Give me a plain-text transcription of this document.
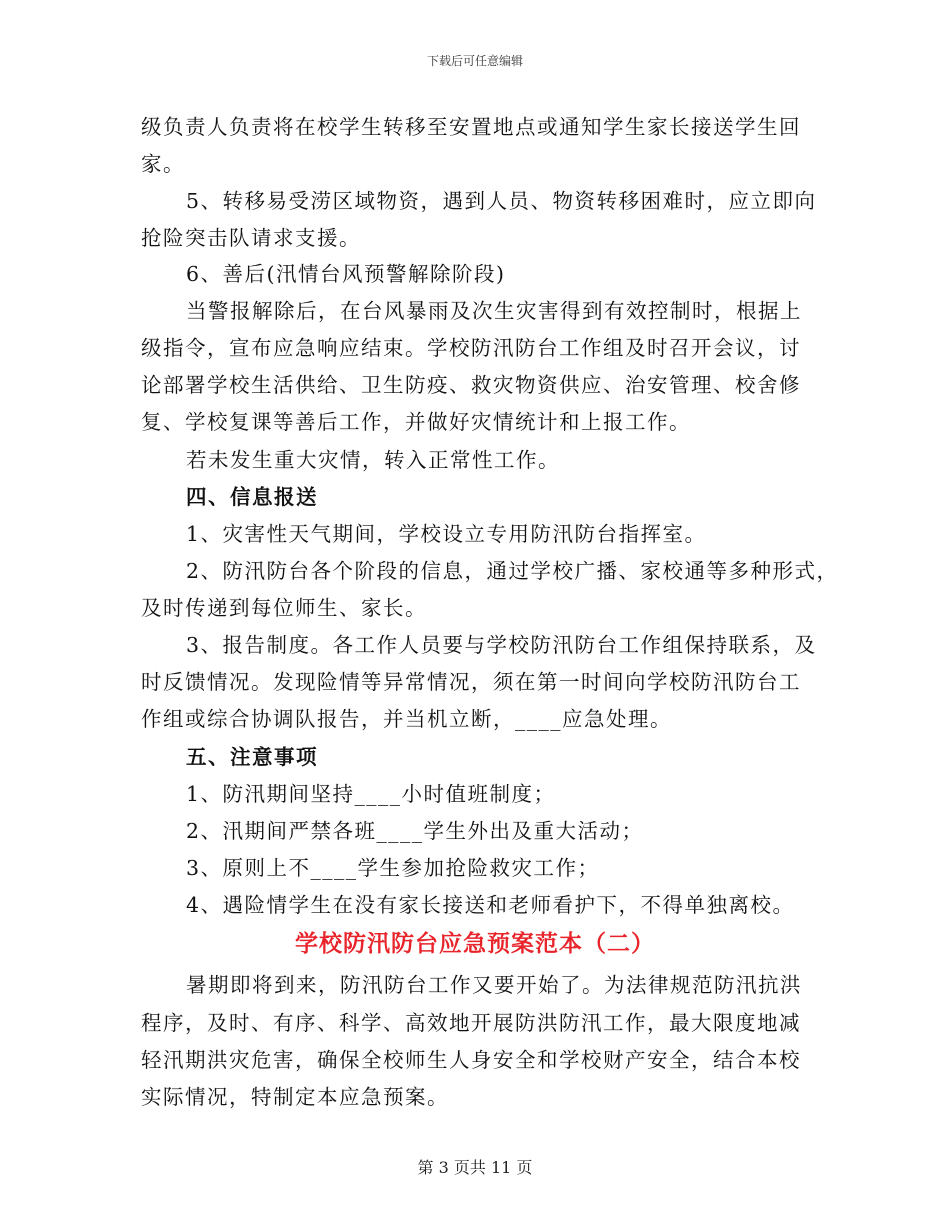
下载后可任意编辑
级负责人负责将在校学生转移至安置地点或通知学生家长接送学生回
家。
5、转移易受涝区域物资，遇到人员、物资转移困难时，应立即向
抢险突击队请求支援。
6、善后(汛情台风预警解除阶段)
当警报解除后，在台风暴雨及次生灾害得到有效控制时，根据上
级指令，宣布应急响应结束。学校防汛防台工作组及时召开会议，讨
论部署学校生活供给、卫生防疫、救灾物资供应、治安管理、校舍修
复、学校复课等善后工作，并做好灾情统计和上报工作。
若未发生重大灾情，转入正常性工作。
四、信息报送
1、灾害性天气期间，学校设立专用防汛防台指挥室。
2、防汛防台各个阶段的信息，通过学校广播、家校通等多种形式，
及时传递到每位师生、家长。
3、报告制度。各工作人员要与学校防汛防台工作组保持联系，及
时反馈情况。发现险情等异常情况，须在第一时间向学校防汛防台工
作组或综合协调队报告，并当机立断，____应急处理。
五、注意事项
1、防汛期间坚持____小时值班制度；
2、汛期间严禁各班____学生外出及重大活动；
3、原则上不____学生参加抢险救灾工作；
4、遇险情学生在没有家长接送和老师看护下，不得单独离校。
学校防汛防台应急预案范本（二）
暑期即将到来，防汛防台工作又要开始了。为法律规范防汛抗洪
程序，及时、有序、科学、高效地开展防洪防汛工作，最大限度地减
轻汛期洪灾危害，确保全校师生人身安全和学校财产安全，结合本校
实际情况，特制定本应急预案。
第 3 页共 11 页
